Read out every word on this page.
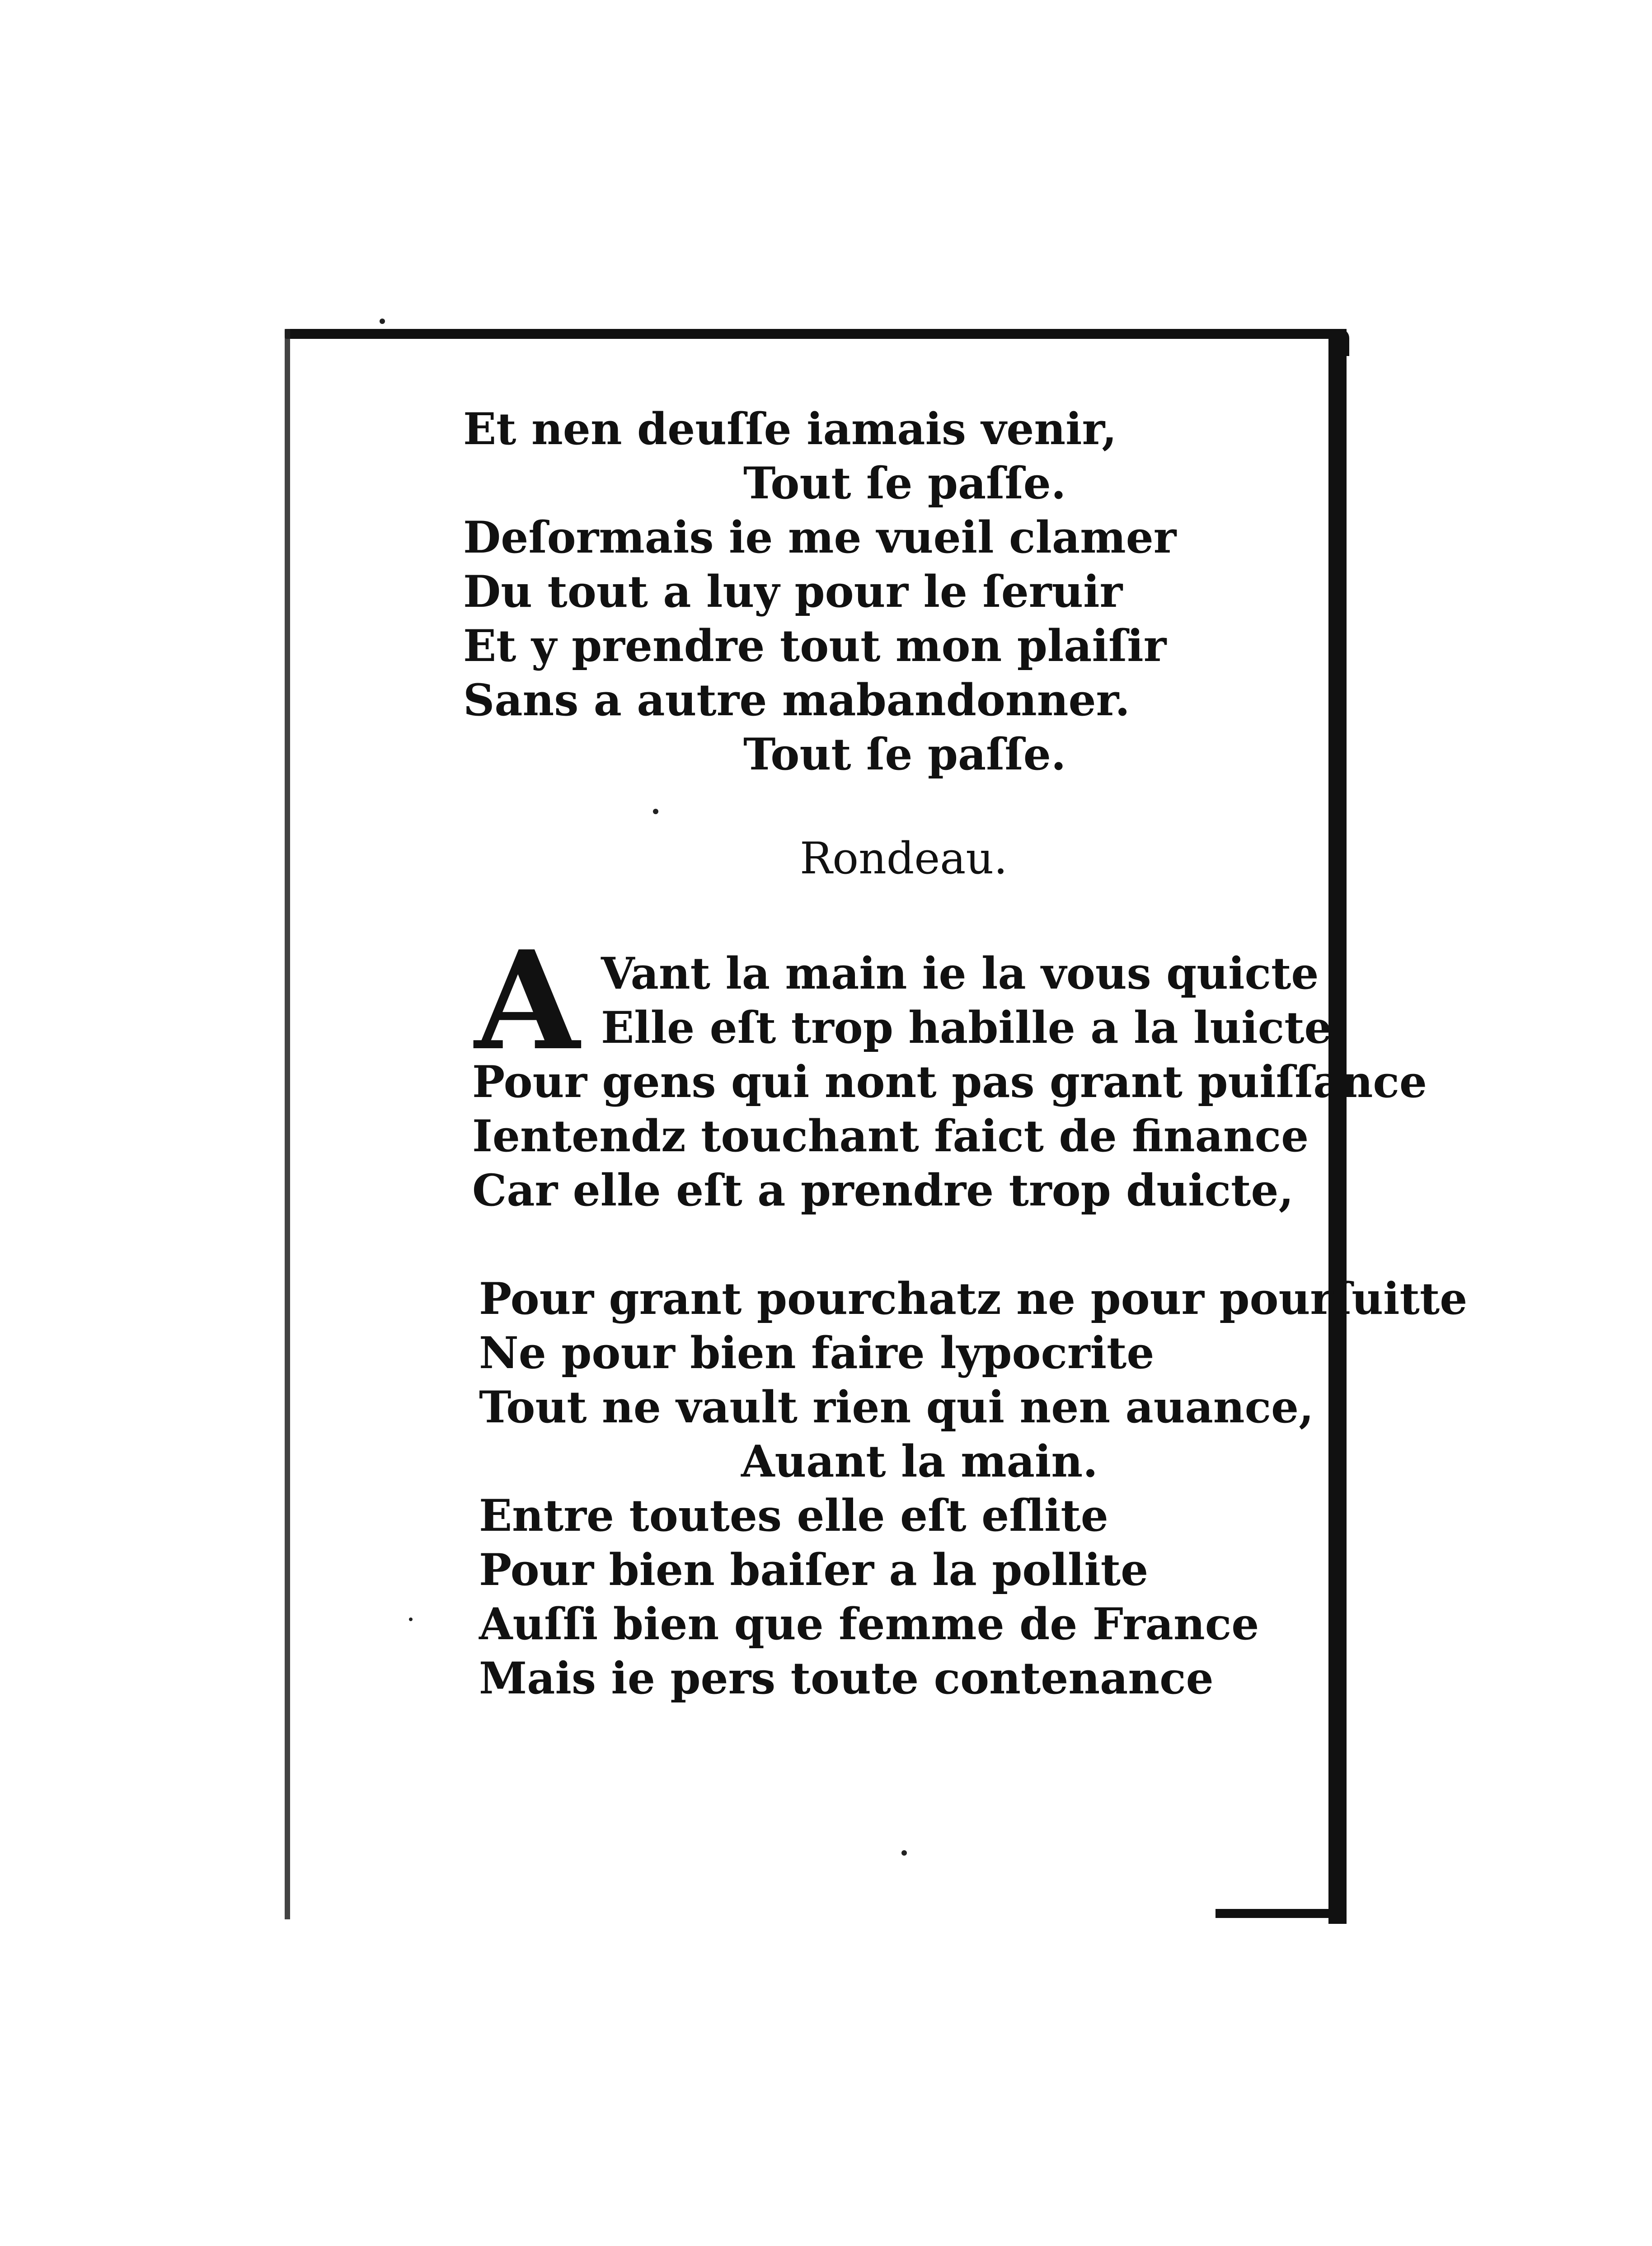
Et nen deuſſe iamais venir,
Tout ſe paſſe.
Deſormais ie me vueil clamer
Du tout a luy pour le ſeruir
Et y prendre tout mon plaiſir
Sans a autre mabandonner.
Tout ſe paſſe.
Rondeau.
A Vant la main ie la vous quicte
Elle eſt trop habille a la luicte
Pour gens qui nont pas grant puiſſance
Ientendz touchant faict de finance
Car elle eſt a prendre trop duicte,
Pour grant pourchatz ne pour pourſuitte
Ne pour bien faire lypocrite
Tout ne vault rien qui nen auance,
Auant la main.
Entre toutes elle eſt eſlite
Pour bien baiſer a la pollite
Auſſi bien que femme de France
Mais ie pers toute contenance
